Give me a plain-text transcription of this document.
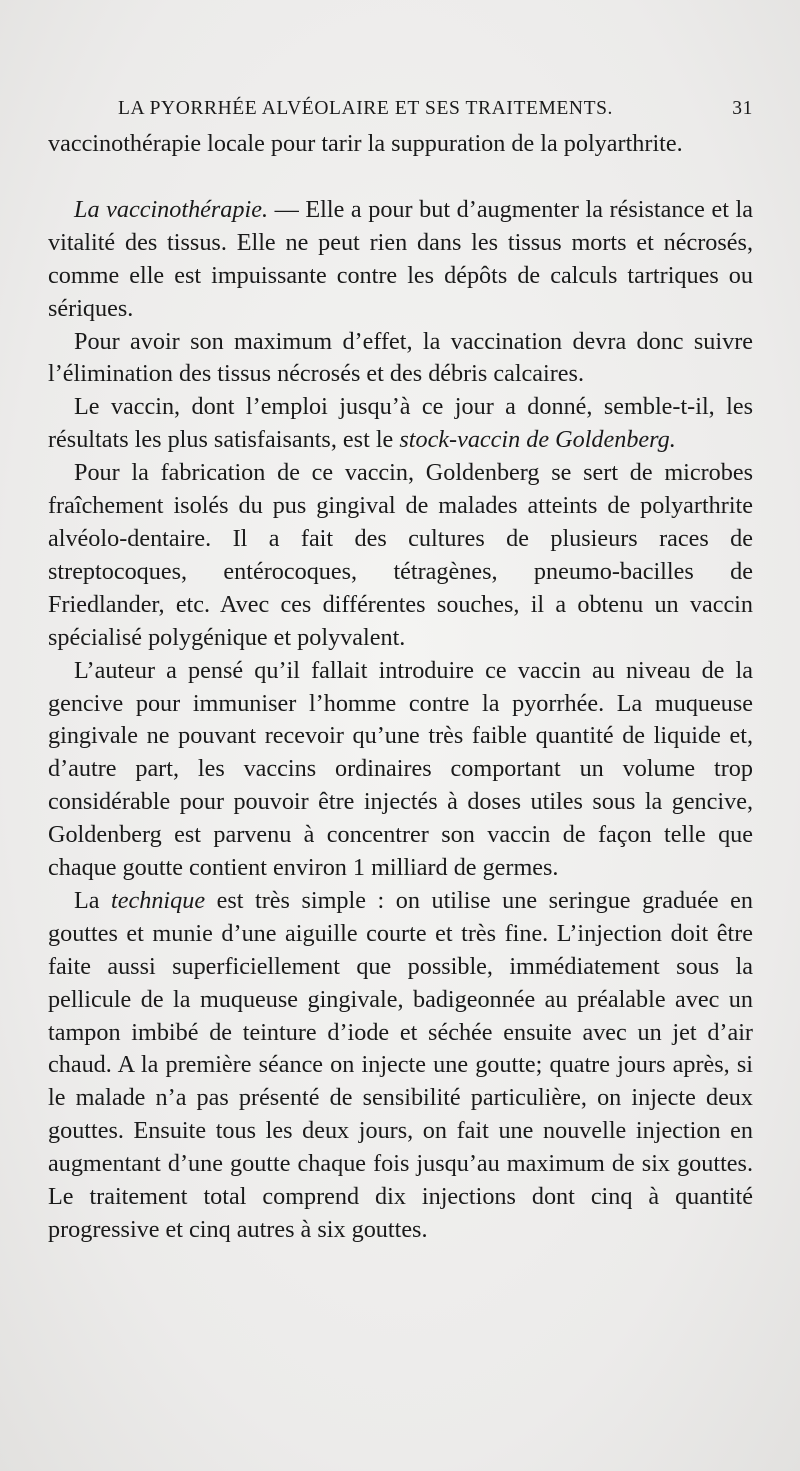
LA PYORRHÉE ALVÉOLAIRE ET SES TRAITEMENTS.	31

vaccinothérapie locale pour tarir la suppuration de la polyarthrite.

La vaccinothérapie. — Elle a pour but d’augmenter la résistance et la vitalité des tissus. Elle ne peut rien dans les tissus morts et nécrosés, comme elle est impuissante contre les dépôts de calculs tartriques ou sériques.

Pour avoir son maximum d’effet, la vaccination devra donc suivre l’élimination des tissus nécrosés et des débris calcaires.

Le vaccin, dont l’emploi jusqu’à ce jour a donné, semble-t-il, les résultats les plus satisfaisants, est le stock-vaccin de Goldenberg.

Pour la fabrication de ce vaccin, Goldenberg se sert de microbes fraîchement isolés du pus gingival de malades atteints de polyarthrite alvéolo-dentaire. Il a fait des cultures de plusieurs races de streptocoques, entérocoques, tétragènes, pneumo-bacilles de Friedlander, etc. Avec ces différentes souches, il a obtenu un vaccin spécialisé polygénique et polyvalent.

L’auteur a pensé qu’il fallait introduire ce vaccin au niveau de la gencive pour immuniser l’homme contre la pyorrhée. La muqueuse gingivale ne pouvant recevoir qu’une très faible quantité de liquide et, d’autre part, les vaccins ordinaires comportant un volume trop considérable pour pouvoir être injectés à doses utiles sous la gencive, Goldenberg est parvenu à concentrer son vaccin de façon telle que chaque goutte contient environ 1 milliard de germes.

La technique est très simple : on utilise une seringue graduée en gouttes et munie d’une aiguille courte et très fine. L’injection doit être faite aussi superficiellement que possible, immédiatement sous la pellicule de la muqueuse gingivale, badigeonnée au préalable avec un tampon imbibé de teinture d’iode et séchée ensuite avec un jet d’air chaud. A la première séance on injecte une goutte; quatre jours après, si le malade n’a pas présenté de sensibilité particulière, on injecte deux gouttes. Ensuite tous les deux jours, on fait une nouvelle injection en augmentant d’une goutte chaque fois jusqu’au maximum de six gouttes. Le traitement total comprend dix injections dont cinq à quantité progressive et cinq autres à six gouttes.
